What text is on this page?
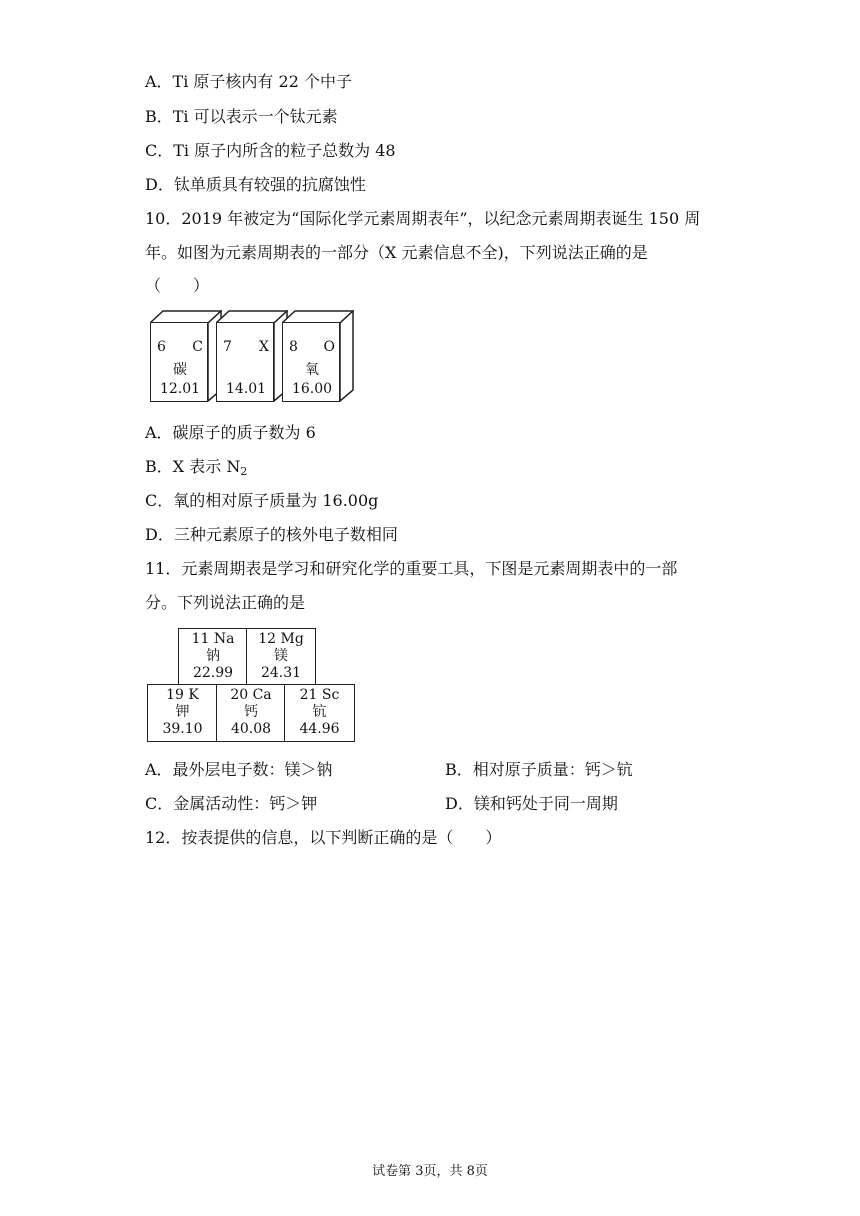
A．Ti 原子核内有 22 个中子
B．Ti 可以表示一个钛元素
C．Ti 原子内所含的粒子总数为 48
D．钛单质具有较强的抗腐蚀性
10．2019 年被定为“国际化学元素周期表年”，以纪念元素周期表诞生 150 周
年。如图为元素周期表的一部分（X 元素信息不全)，下列说法正确的是
（　　）
6 C
碳
12.01
7 X
14.01
8 O
氧
16.00
A．碳原子的质子数为 6
B．X 表示 $N_2$
C．氧的相对原子质量为 16.00g
D．三种元素原子的核外电子数相同
11．元素周期表是学习和研究化学的重要工具，下图是元素周期表中的一部
分。下列说法正确的是
11 Na
钠
22.99
12 Mg
镁
24.31
19 K
钾
39.10
20 Ca
钙
40.08
21 Sc
钪
44.96
A．最外层电子数：镁＞钠	B．相对原子质量：钙＞钪
C．金属活动性：钙＞钾	D．镁和钙处于同一周期
12．按表提供的信息，以下判断正确的是（　　）
试卷第 3页，共 8页
